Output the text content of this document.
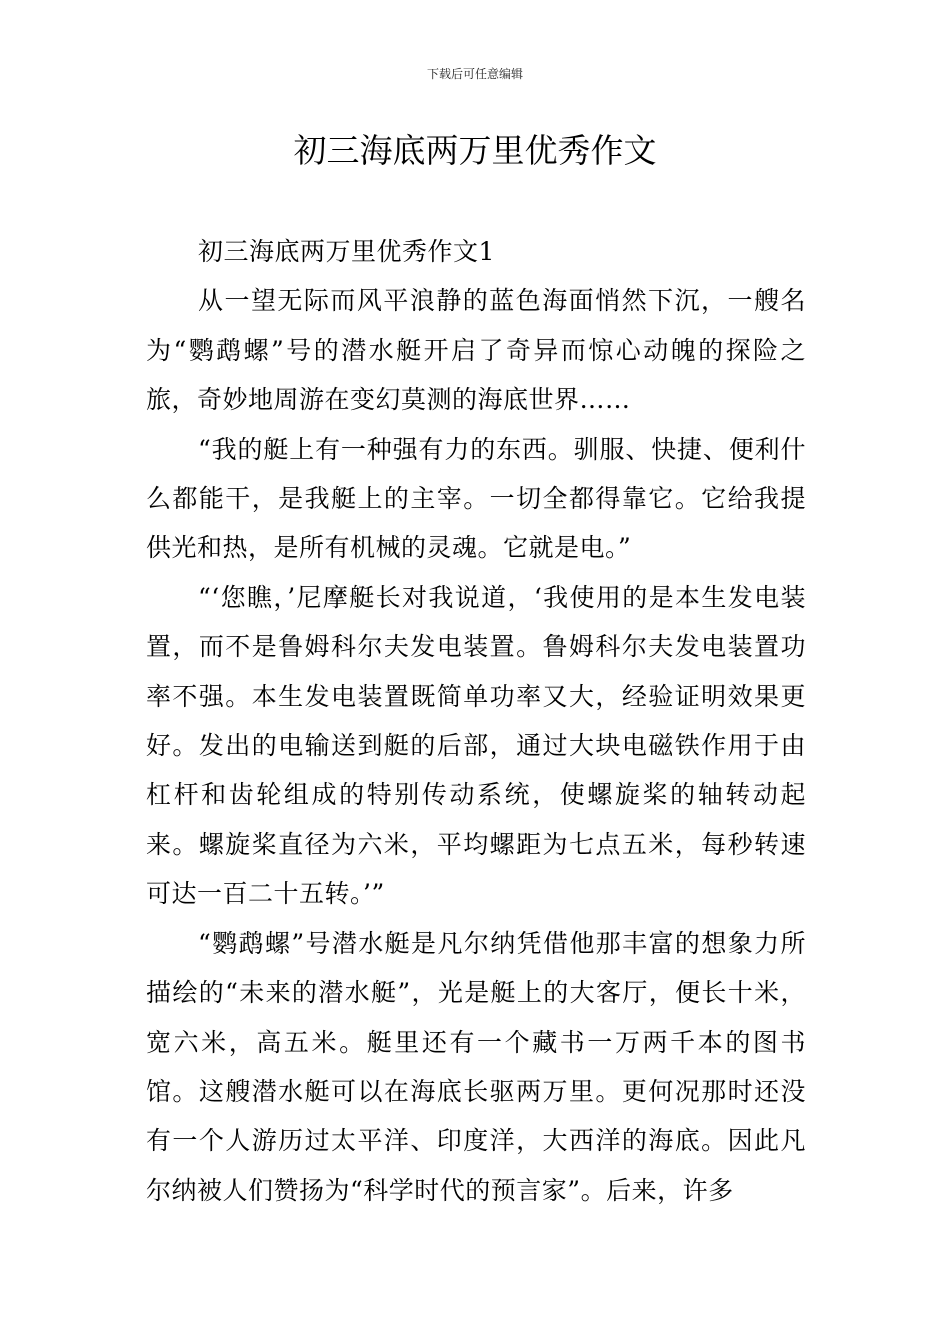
下载后可任意编辑
初三海底两万里优秀作文

初三海底两万里优秀作文1

从一望无际而风平浪静的蓝色海面悄然下沉，一艘名为“鹦鹉螺”号的潜水艇开启了奇异而惊心动魄的探险之旅，奇妙地周游在变幻莫测的海底世界……

“我的艇上有一种强有力的东西。驯服、快捷、便利什么都能干，是我艇上的主宰。一切全都得靠它。它给我提供光和热，是所有机械的灵魂。它就是电。”

“‘您瞧，’尼摩艇长对我说道，‘我使用的是本生发电装置，而不是鲁姆科尔夫发电装置。鲁姆科尔夫发电装置功率不强。本生发电装置既简单功率又大，经验证明效果更好。发出的电输送到艇的后部，通过大块电磁铁作用于由杠杆和齿轮组成的特别传动系统，使螺旋桨的轴转动起来。螺旋桨直径为六米，平均螺距为七点五米，每秒转速可达一百二十五转。’”

“鹦鹉螺”号潜水艇是凡尔纳凭借他那丰富的想象力所描绘的“未来的潜水艇”，光是艇上的大客厅，便长十米，宽六米，高五米。艇里还有一个藏书一万两千本的图书馆。这艘潜水艇可以在海底长驱两万里。更何况那时还没有一个人游历过太平洋、印度洋，大西洋的海底。因此凡尔纳被人们赞扬为“科学时代的预言家”。后来，许多
